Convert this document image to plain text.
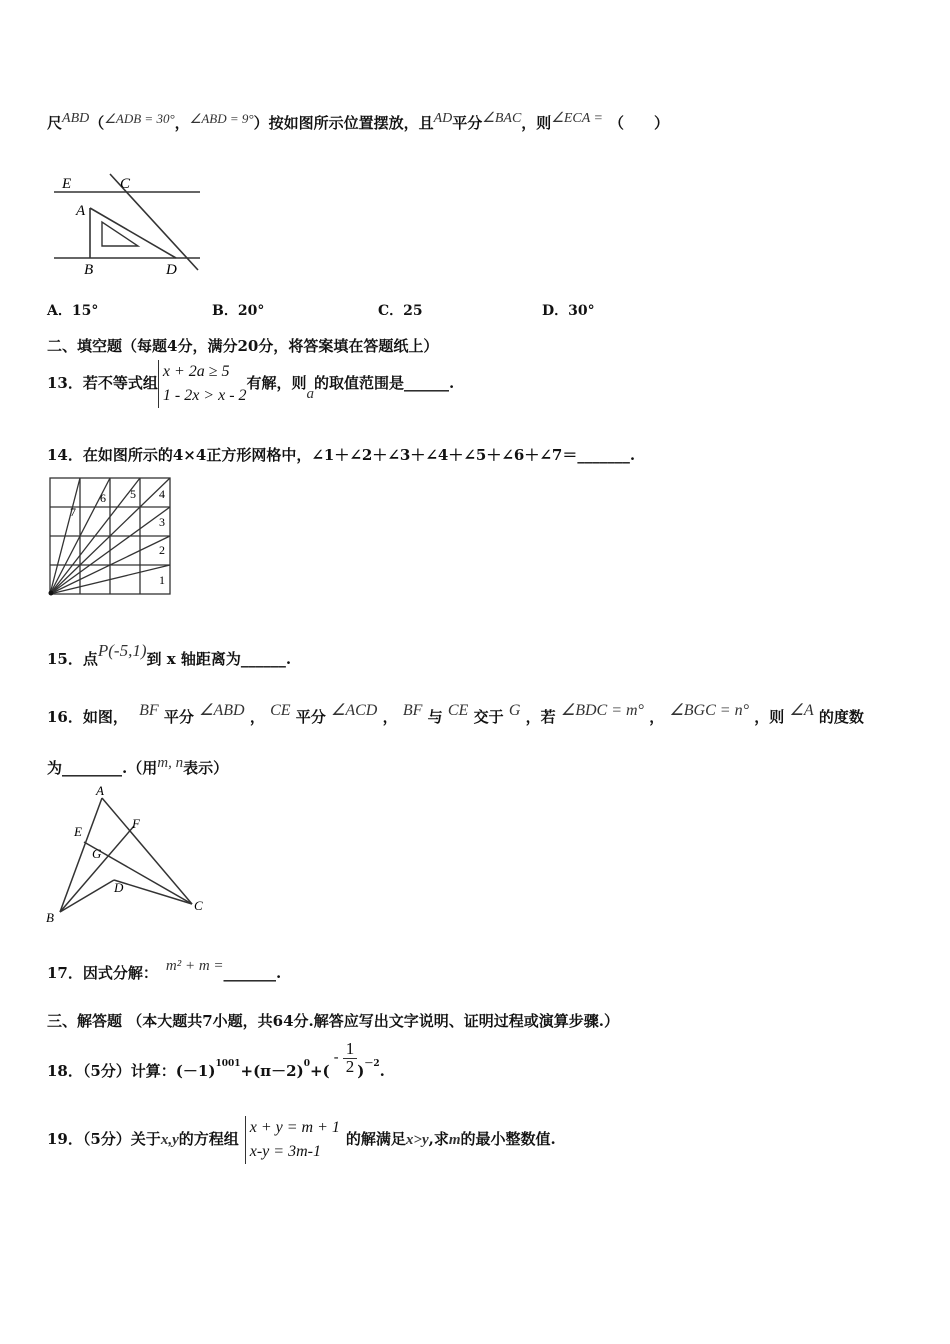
尺ABD（∠ADB = 30°，∠ABD = 9°）按如图所示位置摆放，且AD平分∠BAC，则∠ECA = （　　）
E	C
A
B	D
A．15°	B．20°	C．25	D．30°
二、填空题（每题4分，满分20分，将答案填在答题纸上）
13．若不等式组x + 2a ≥ 5
1 - 2x > x - 2有解，则a的取值范围是______.
14．在如图所示的4×4正方形网格中，∠1＋∠2＋∠3＋∠4＋∠5＋∠6＋∠7＝_______.
1
2
3
4
5
6
7
15．点P(-5,1)到 x 轴距离为______.
16．如图， BF 平分 ∠ABD ， CE 平分 ∠ACD ， BF 与 CE 交于 G ，若 ∠BDC = m° ， ∠BGC = n° ，则 ∠A 的度数
为________.（用m, n表示）
A
E
F
G
D
B
C
17．因式分解： m² + m =_______.
三、解答题 （本大题共7小题，共64分.解答应写出文字说明、证明过程或演算步骤.）
18．（5分）计算：$(-1)^{1001}+(\pi-2)^0+(- \frac{1}{2})^{-2}$.
19．（5分）关于x,y的方程组x + y = m + 1
x-y = 3m-1的解满足x>y,求m的最小整数值.
